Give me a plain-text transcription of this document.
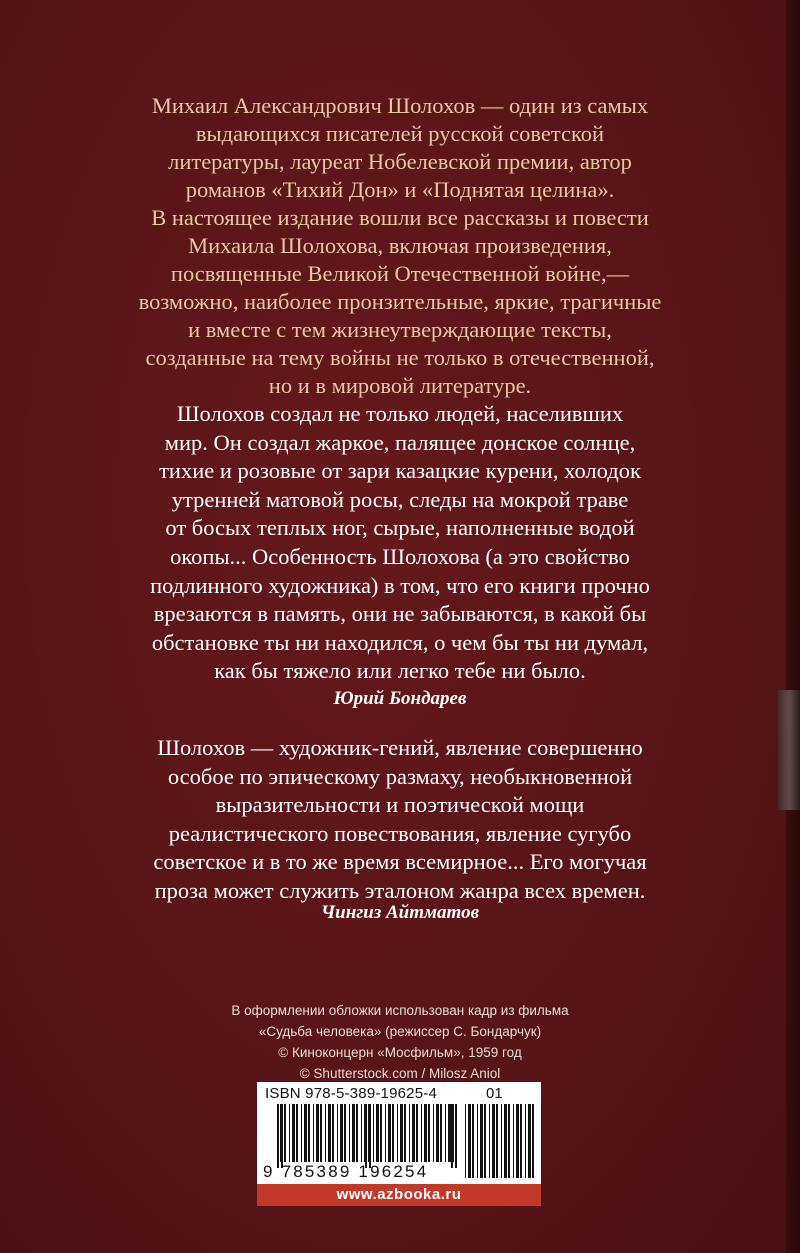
Михаил Александрович Шолохов — один из самых

выдающихся писателей русской советской

литературы, лауреат Нобелевской премии, автор

романов «Тихий Дон» и «Поднятая целина».

В настоящее издание вошли все рассказы и повести

Михаила Шолохова, включая произведения,

посвященные Великой Отечественной войне,—

возможно, наиболее пронзительные, яркие, трагичные

и вместе с тем жизнеутверждающие тексты,

созданные на тему войны не только в отечественной,

но и в мировой литературе.

Шолохов создал не только людей, населивших

мир. Он создал жаркое, палящее донское солнце,

тихие и розовые от зари казацкие курени, холодок

утренней матовой росы, следы на мокрой траве

от босых теплых ног, сырые, наполненные водой

окопы... Особенность Шолохова (а это свойство

подлинного художника) в том, что его книги прочно

врезаются в память, они не забываются, в какой бы

обстановке ты ни находился, о чем бы ты ни думал,

как бы тяжело или легко тебе ни было.

Юрий Бондарев

Шолохов — художник-гений, явление совершенно

особое по эпическому размаху, необыкновенной

выразительности и поэтической мощи

реалистического повествования, явление сугубо

советское и в то же время всемирное... Его могучая

проза может служить эталоном жанра всех времен.

Чингиз Айтматов
В оформлении обложки использован кадр из фильма
«Судьба человека» (режиссер С. Бондарчук)
© Киноконцерн «Мосфильм», 1959 год
© Shutterstock.com / Milosz Aniol
ISBN 978-5-389-19625-4	01
9 785389 196254
www.azbooka.ru
